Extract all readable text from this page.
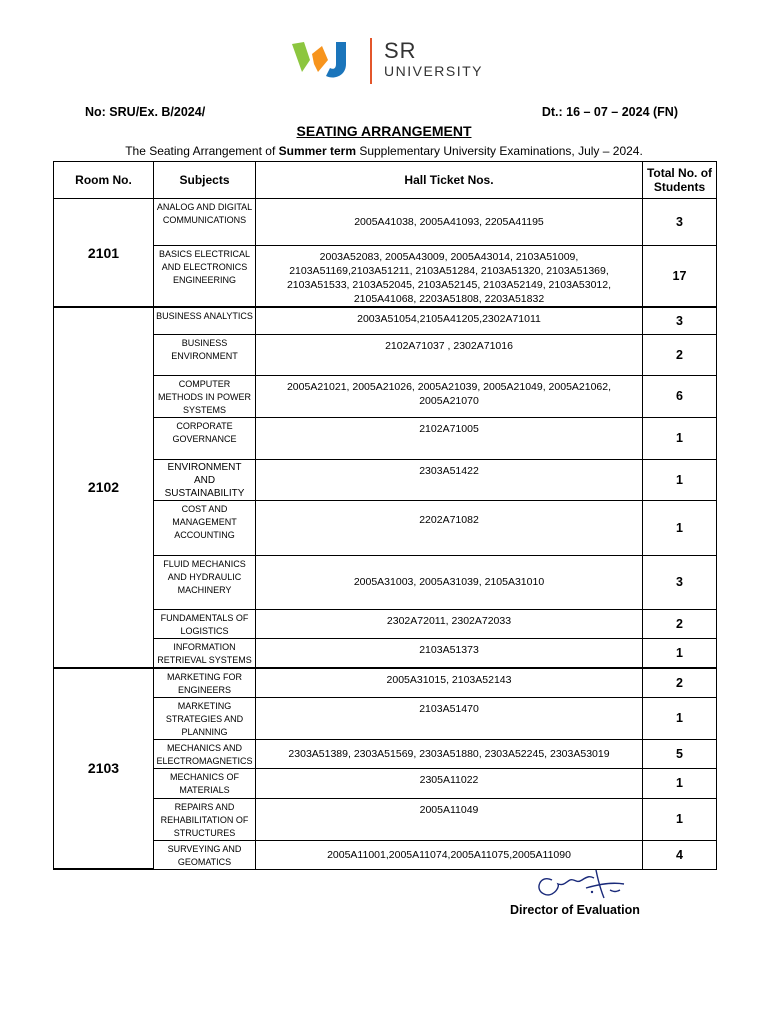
SR
UNIVERSITY
No: SRU/Ex. B/2024/	Dt.: 16 – 07 – 2024 (FN)
SEATING ARRANGEMENT
The Seating Arrangement of Summer term Supplementary University Examinations, July – 2024.
Room No.	Subjects	Hall Ticket Nos.	Total No. of Students
2101	ANALOG AND DIGITAL COMMUNICATIONS	2005A41038, 2005A41093, 2205A41195	3
	BASICS ELECTRICAL AND ELECTRONICS ENGINEERING	2003A52083, 2005A43009, 2005A43014, 2103A51009, 2103A51169,2103A51211, 2103A51284, 2103A51320, 2103A51369, 2103A51533, 2103A52045, 2103A52145, 2103A52149, 2103A53012, 2105A41068, 2203A51808, 2203A51832	17
2102	BUSINESS ANALYTICS	2003A51054,2105A41205,2302A71011	3
	BUSINESS ENVIRONMENT	2102A71037 , 2302A71016	2
	COMPUTER METHODS IN POWER SYSTEMS	2005A21021, 2005A21026, 2005A21039, 2005A21049, 2005A21062, 2005A21070	6
	CORPORATE GOVERNANCE	2102A71005	1
	ENVIRONMENT AND SUSTAINABILITY	2303A51422	1
	COST AND MANAGEMENT ACCOUNTING	2202A71082	1
	FLUID MECHANICS AND HYDRAULIC MACHINERY	2005A31003, 2005A31039, 2105A31010	3
	FUNDAMENTALS OF LOGISTICS	2302A72011, 2302A72033	2
	INFORMATION RETRIEVAL SYSTEMS	2103A51373	1
2103	MARKETING FOR ENGINEERS	2005A31015, 2103A52143	2
	MARKETING STRATEGIES AND PLANNING	2103A51470	1
	MECHANICS AND ELECTROMAGNETICS	2303A51389, 2303A51569, 2303A51880, 2303A52245, 2303A53019	5
	MECHANICS OF MATERIALS	2305A11022	1
	REPAIRS AND REHABILITATION OF STRUCTURES	2005A11049	1
	SURVEYING AND GEOMATICS	2005A11001,2005A11074,2005A11075,2005A11090	4
Director of Evaluation
